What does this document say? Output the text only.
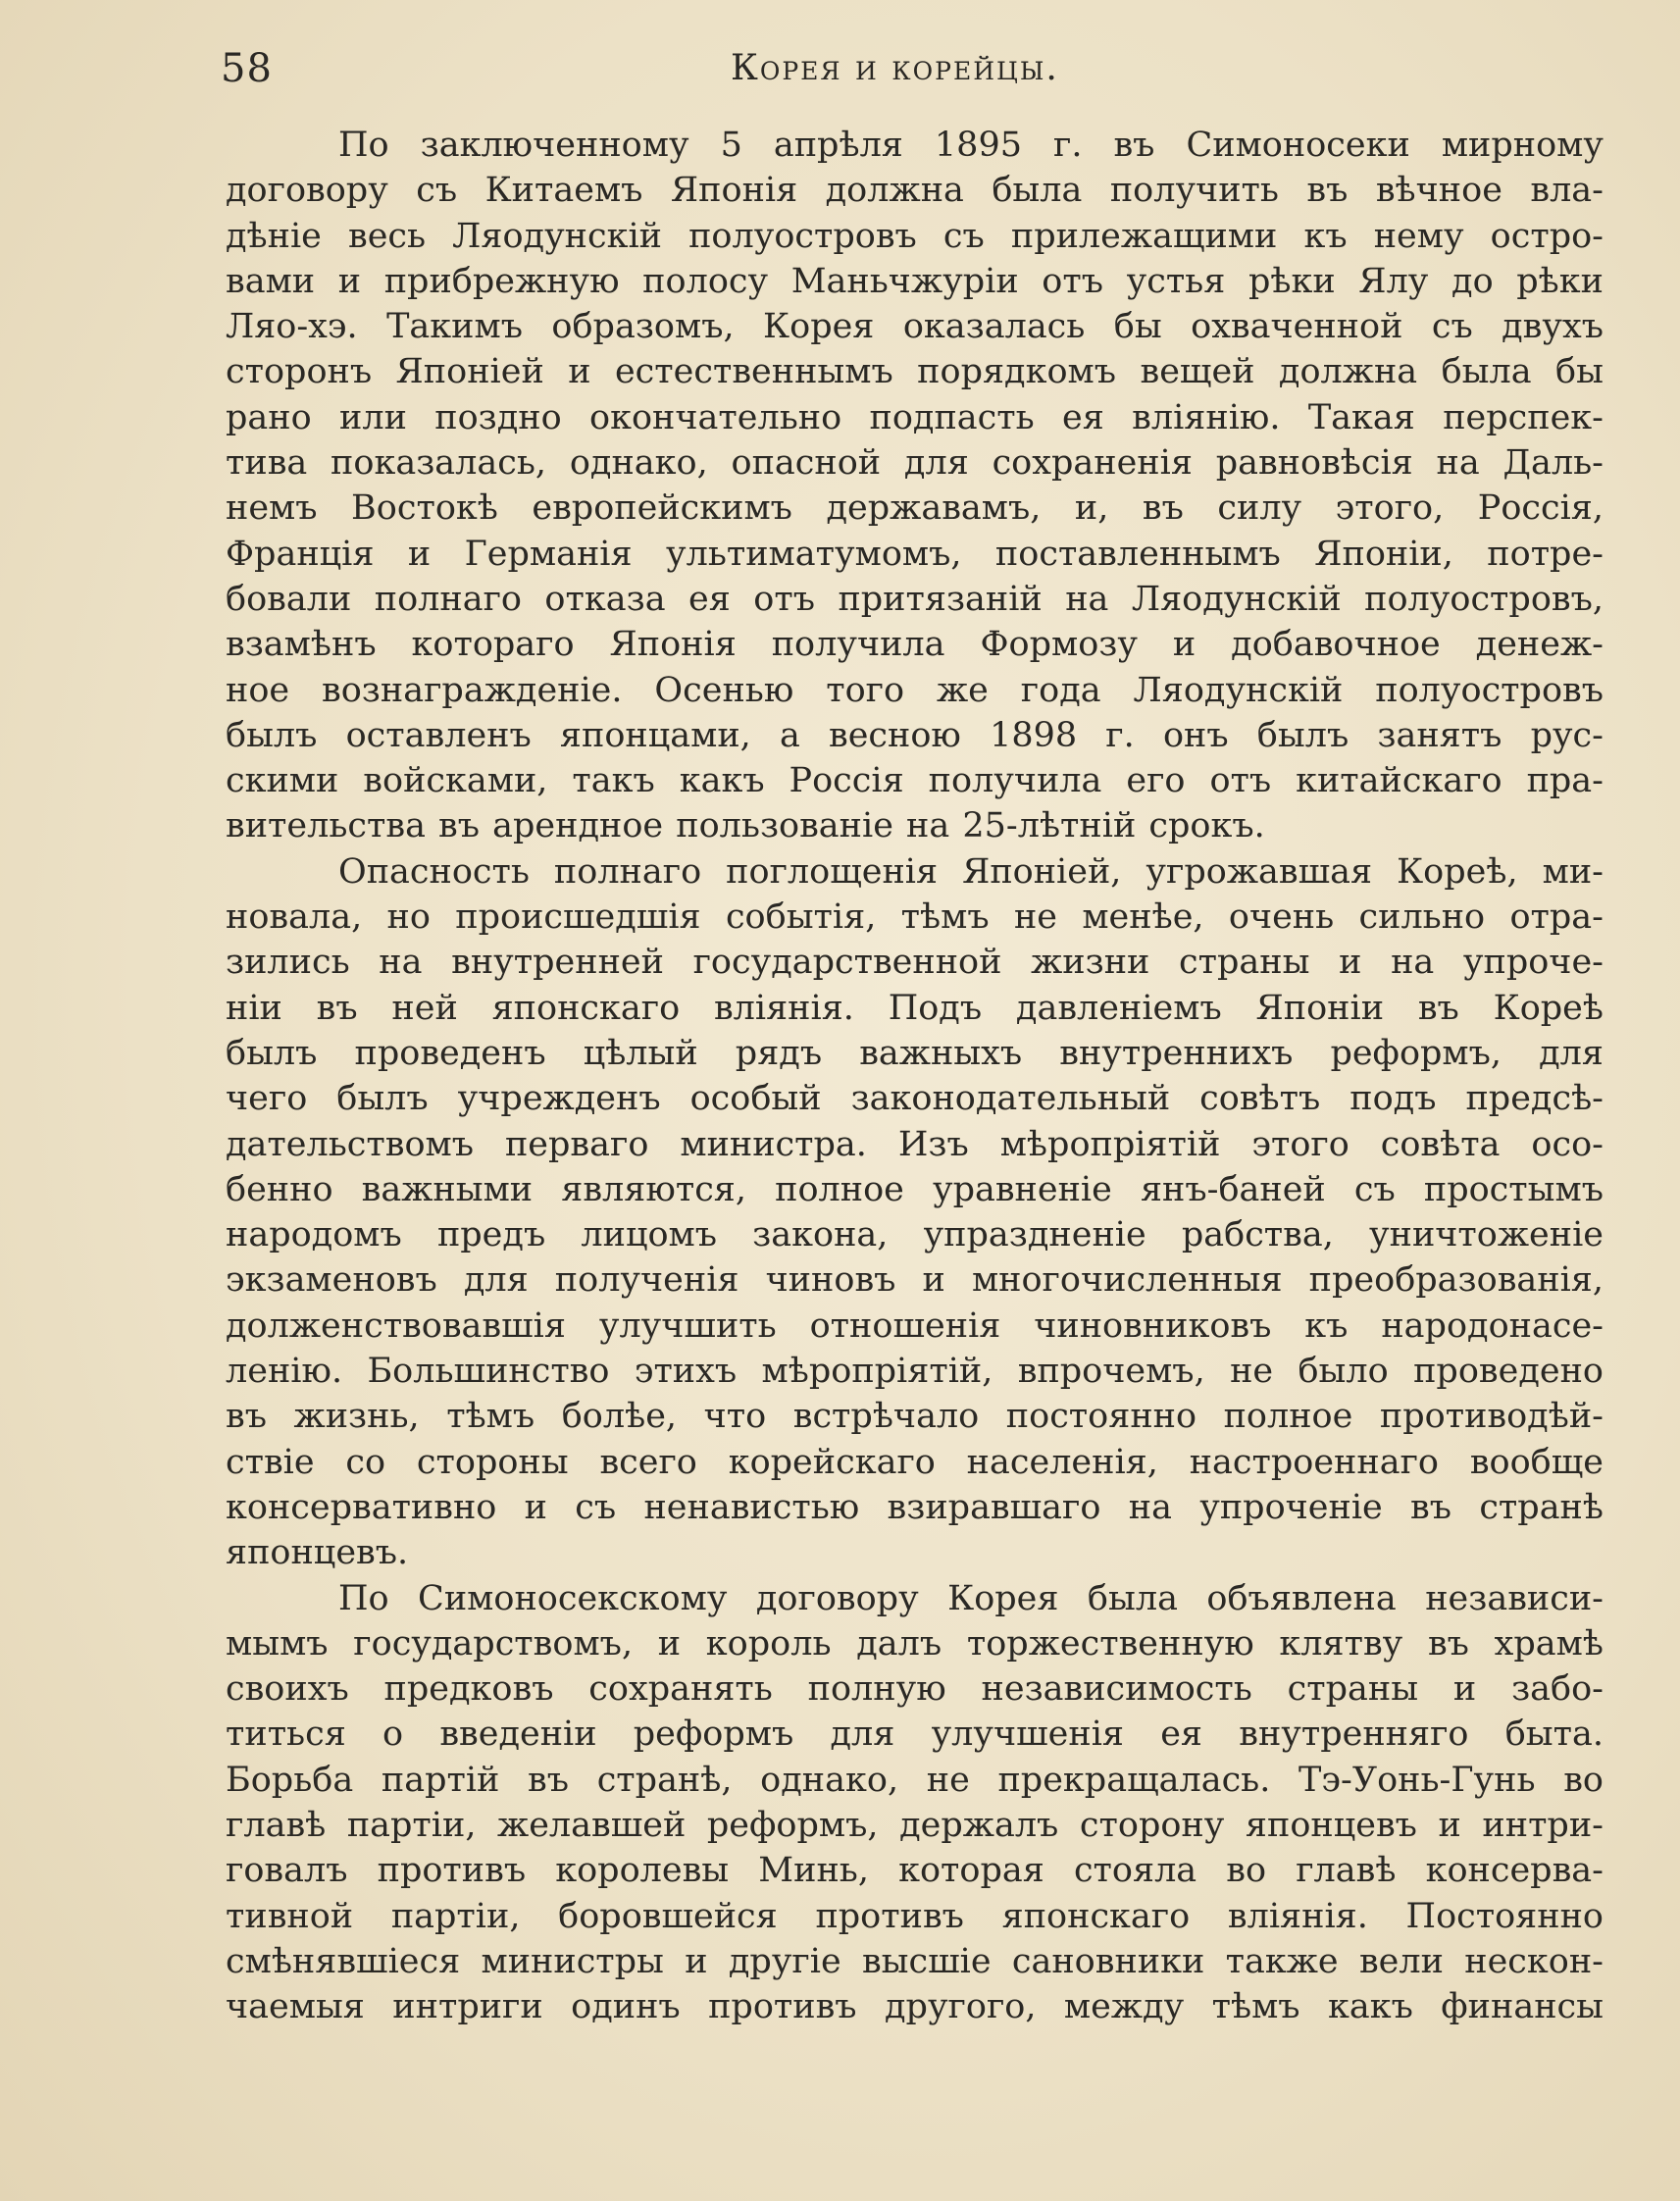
58	Корея и корейцы.
По заключенному 5 апрѣля 1895 г. въ Симоносеки мирному
договору съ Китаемъ Японія должна была получить въ вѣчное вла-
дѣніе весь Ляодунскій полуостровъ съ прилежащими къ нему остро-
вами и прибрежную полосу Маньчжуріи отъ устья рѣки Ялу до рѣки
Ляо-хэ. Такимъ образомъ, Корея оказалась бы охваченной съ двухъ
сторонъ Японіей и естественнымъ порядкомъ вещей должна была бы
рано или поздно окончательно подпасть ея вліянію. Такая перспек-
тива показалась, однако, опасной для сохраненія равновѣсія на Даль-
немъ Востокѣ европейскимъ державамъ, и, въ силу этого, Россія,
Франція и Германія ультиматумомъ, поставленнымъ Японіи, потре-
бовали полнаго отказа ея отъ притязаній на Ляодунскій полуостровъ,
взамѣнъ котораго Японія получила Формозу и добавочное денеж-
ное вознагражденіе. Осенью того же года Ляодунскій полуостровъ
былъ оставленъ японцами, а весною 1898 г. онъ былъ занятъ рус-
скими войсками, такъ какъ Россія получила его отъ китайскаго пра-
вительства въ арендное пользованіе на 25-лѣтній срокъ.
Опасность полнаго поглощенія Японіей, угрожавшая Кореѣ, ми-
новала, но происшедшія событія, тѣмъ не менѣе, очень сильно отра-
зились на внутренней государственной жизни страны и на упроче-
ніи въ ней японскаго вліянія. Подъ давленіемъ Японіи въ Кореѣ
былъ проведенъ цѣлый рядъ важныхъ внутреннихъ реформъ, для
чего былъ учрежденъ особый законодательный совѣтъ подъ предсѣ-
дательствомъ перваго министра. Изъ мѣропріятій этого совѣта осо-
бенно важными являются, полное уравненіе янъ-баней съ простымъ
народомъ предъ лицомъ закона, упраздненіе рабства, уничтоженіе
экзаменовъ для полученія чиновъ и многочисленныя преобразованія,
долженствовавшія улучшить отношенія чиновниковъ къ народонасе-
ленію. Большинство этихъ мѣропріятій, впрочемъ, не было проведено
въ жизнь, тѣмъ болѣе, что встрѣчало постоянно полное противодѣй-
ствіе со стороны всего корейскаго населенія, настроеннаго вообще
консервативно и съ ненавистью взиравшаго на упроченіе въ странѣ
японцевъ.
По Симоносекскому договору Корея была объявлена независи-
мымъ государствомъ, и король далъ торжественную клятву въ храмѣ
своихъ предковъ сохранять полную независимость страны и забо-
титься о введеніи реформъ для улучшенія ея внутренняго быта.
Борьба партій въ странѣ, однако, не прекращалась. Тэ-Уонь-Гунь во
главѣ партіи, желавшей реформъ, держалъ сторону японцевъ и интри-
говалъ противъ королевы Минь, которая стояла во главѣ консерва-
тивной партіи, боровшейся противъ японскаго вліянія. Постоянно
смѣнявшіеся министры и другіе высшіе сановники также вели нескон-
чаемыя интриги одинъ противъ другого, между тѣмъ какъ финансы
